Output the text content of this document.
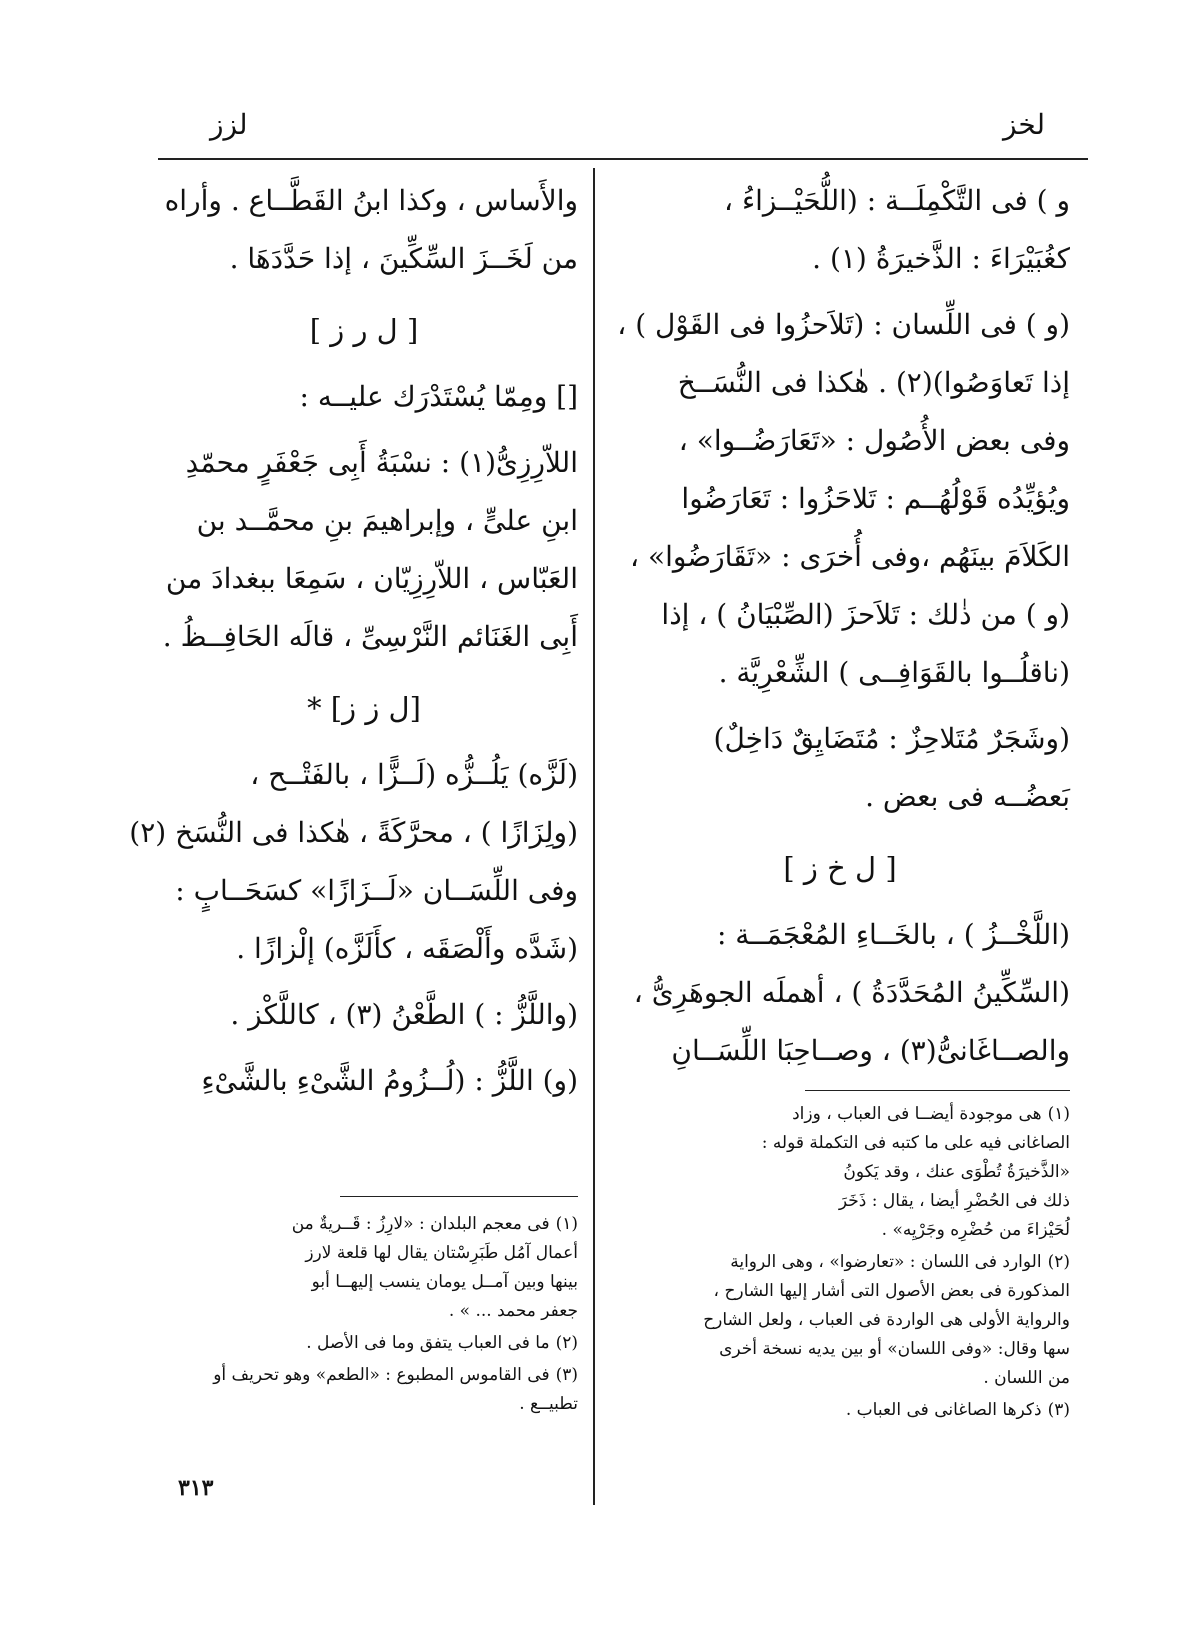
لخز
لزز

و ) فى التَّكْمِلَــة : (اللُّحَيْــزاءُ ،

كغُبَيْرَاءَ : الذَّخيرَةُ (١) .

(و ) فى اللِّسان : (تَلاَحزُوا فى القَوْل ) ،

إذا تَعاوَصُوا)(٢) . هٰكذا فى النُّسَــخ

وفى بعض الأُصُول : «تَعَارَضُــوا» ،

ويُؤيِّدُه قَوْلُهُــم : تَلاحَزُوا : تَعَارَضُوا

الكَلاَمَ بينَهُم ،وفى أُخرَى : «تَقَارَضُوا» ،

(و ) من ذٰلك : تَلاَحزَ (الصِّبْيَانُ ) ، إذا

(ناقلُــوا بالقَوَافِــى ) الشِّعْرِيَّة .

(وشَجَرٌ مُتَلاحِزٌ : مُتَضَايِقٌ دَاخِلٌ)

بَعضُــه فى بعض .

[ ل خ ز ]

(اللَّخْــزُ ) ، بالخَــاءِ المُعْجَمَــة :

(السِّكِّينُ المُحَدَّدَةُ ) ، أهملَه الجوهَرِىُّ ،

والصــاغَانىُّ(٣) ، وصــاحِبَا اللِّسَــانِ

والأَساس ، وكذا ابنُ القَطَّــاع . وأراه

من لَخَــزَ السِّكِّينَ ، إذا حَدَّدَهَا .

[ ل ر ز ]

[] ومِمّا يُسْتَدْرَك عليــه :

اللاّرِزِىُّ(١) : نسْبَةُ أَبِى جَعْفَرٍ محمّدِ

ابنِ علىٍّ ، وإبراهيمَ بنِ محمَّــد بن

العَبّاس ، اللاّرِزِيّان ، سَمِعَا ببغدادَ من

أَبِى الغَنَائم النَّرْسِىِّ ، قالَه الحَافِــظُ .

[ل ز ز] *

(لَزَّه) يَلُــزُّه (لَــزًّا ، بالفَتْــح ،

(ولِزَازًا ) ، محرَّكَةً ، هٰكذا فى النُّسَخ (٢)

وفى اللِّسَــان «لَــزَازًا» كسَحَــابٍ :

(شَدَّه وأَلْصَقَه ، كأَلَزَّه) إلْزازًا .

(واللَّزُّ : ) الطَّعْنُ (٣) ، كاللَّكْز .

(و) اللَّزُّ : (لُــزُومُ الشَّىْءِ بالشَّىْءِ

(١)هى موجودة أيضــا فى العباب ، وزاد

الصاغانى فيه على ما كتبه فى التكملة قوله :

«الذَّخيرَةُ تُطْوَى عنك ، وقد يَكونُ

ذلك فى الحُضْرِ أيضا ، يقال : ذَخَرَ

لُحَيْزاءَ من حُضْرِه وجَرْيِه» .

(٢)الوارد فى اللسان : «تعارضوا» ، وهى الرواية

المذكورة فى بعض الأصول التى أشار إليها الشارح ،

والرواية الأولى هى الواردة فى العباب ، ولعل الشارح

سها وقال: «وفى اللسان» أو بين يديه نسخة أخرى

من اللسان .

(٣)ذكرها الصاغانى فى العباب .

(١)فى معجم البلدان : «لارِزُ : قَــريةٌ من

أعمال آمُل طَبَرِسْتان يقال لها قلعة لارز

بينها وبين آمــل يومان ينسب إليهــا أبو

جعفر محمد ... » .

(٢)ما فى العباب يتفق وما فى الأصل .

(٣)فى القاموس المطبوع : «الطعم» وهو تحريف أو

تطبيــع .

٣١٣
